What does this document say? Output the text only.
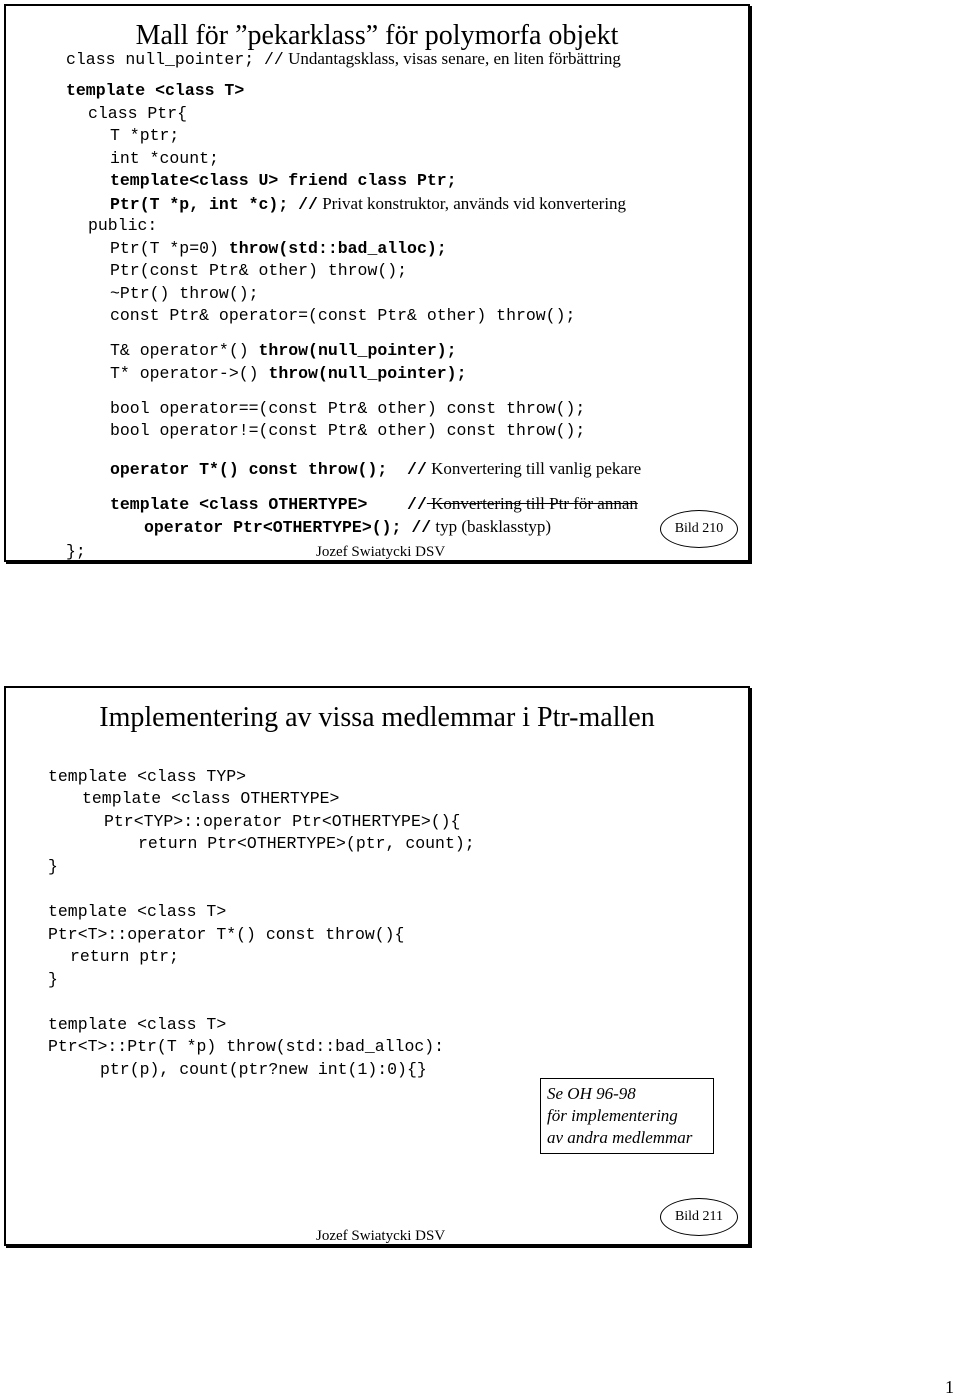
Mall för ”pekarklass” för polymorfa objekt
class null_pointer; // Undantagsklass, visas senare, en liten förbättring
template <class T>
class Ptr{
T *ptr;
int *count;
template<class U> friend class Ptr;
Ptr(T *p, int *c); // Privat konstruktor, används vid konvertering
public:
Ptr(T *p=0) throw(std::bad_alloc);
Ptr(const Ptr& other) throw();
~Ptr() throw();
const Ptr& operator=(const Ptr& other) throw();
T& operator*() throw(null_pointer);
T* operator->() throw(null_pointer);
bool operator==(const Ptr& other) const throw();
bool operator!=(const Ptr& other) const throw();
operator T*() const throw();  // Konvertering till vanlig pekare
template <class OTHERTYPE>    // Konvertering till Ptr för annan
operator Ptr<OTHERTYPE>(); // typ (basklasstyp)
};	Jozef Swiatycki DSV
Bild 210
Implementering av vissa medlemmar i Ptr-mallen
template <class TYP>
template <class OTHERTYPE>
Ptr<TYP>::operator Ptr<OTHERTYPE>(){
return Ptr<OTHERTYPE>(ptr, count);
}
template <class T>
Ptr<T>::operator T*() const throw(){
return ptr;
}
template <class T>
Ptr<T>::Ptr(T *p) throw(std::bad_alloc):
ptr(p), count(ptr?new int(1):0){}
Se OH 96-98
för implementering
av andra medlemmar
Jozef Swiatycki DSV
Bild 211
1
